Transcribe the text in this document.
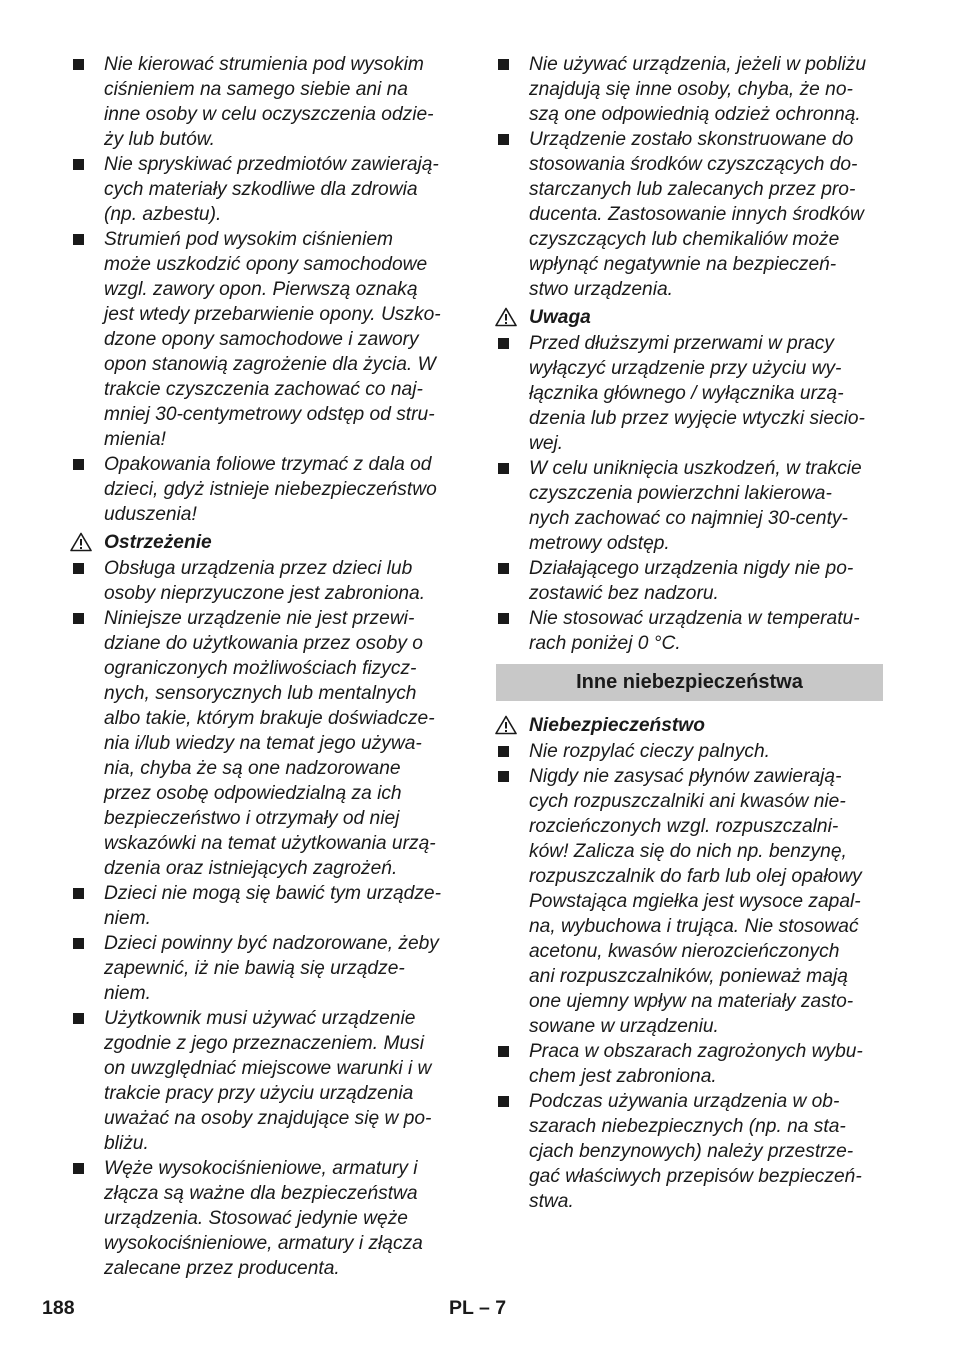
Nie kierować strumienia pod wysokim
ciśnieniem na samego siebie ani na
inne osoby w celu oczyszczenia odzie-
ży lub butów.
Nie spryskiwać przedmiotów zawierają-
cych materiały szkodliwe dla zdrowia
(np. azbestu).
Strumień pod wysokim ciśnieniem
może uszkodzić opony samochodowe
wzgl. zawory opon. Pierwszą oznaką
jest wtedy przebarwienie opony. Uszko-
dzone opony samochodowe i zawory
opon stanowią zagrożenie dla życia. W
trakcie czyszczenia zachować co naj-
mniej 30-centymetrowy odstęp od stru-
mienia!
Opakowania foliowe trzymać z dala od
dzieci, gdyż istnieje niebezpieczeństwo
uduszenia!
Ostrzeżenie
Obsługa urządzenia przez dzieci lub
osoby nieprzyuczone jest zabroniona.
Niniejsze urządzenie nie jest przewi-
dziane do użytkowania przez osoby o
ograniczonych możliwościach fizycz-
nych, sensorycznych lub mentalnych
albo takie, którym brakuje doświadcze-
nia i/lub wiedzy na temat jego używa-
nia, chyba że są one nadzorowane
przez osobę odpowiedzialną za ich
bezpieczeństwo i otrzymały od niej
wskazówki na temat użytkowania urzą-
dzenia oraz istniejących zagrożeń.
Dzieci nie mogą się bawić tym urządze-
niem.
Dzieci powinny być nadzorowane, żeby
zapewnić, iż nie bawią się urządze-
niem.
Użytkownik musi używać urządzenie
zgodnie z jego przeznaczeniem. Musi
on uwzględniać miejscowe warunki i w
trakcie pracy przy użyciu urządzenia
uważać na osoby znajdujące się w po-
bliżu.
Węże wysokociśnieniowe, armatury i
złącza są ważne dla bezpieczeństwa
urządzenia. Stosować jedynie węże
wysokociśnieniowe, armatury i złącza
zalecane przez producenta.
Nie używać urządzenia, jeżeli w pobliżu
znajdują się inne osoby, chyba, że no-
szą one odpowiednią odzież ochronną.
Urządzenie zostało skonstruowane do
stosowania środków czyszczących do-
starczanych lub zalecanych przez pro-
ducenta. Zastosowanie innych środków
czyszczących lub chemikaliów może
wpłynąć negatywnie na bezpieczeń-
stwo urządzenia.
Uwaga
Przed dłuższymi przerwami w pracy
wyłączyć urządzenie przy użyciu wy-
łącznika głównego / wyłącznika urzą-
dzenia lub przez wyjęcie wtyczki siecio-
wej.
W celu uniknięcia uszkodzeń, w trakcie
czyszczenia powierzchni lakierowa-
nych zachować co najmniej 30-centy-
metrowy odstęp.
Działającego urządzenia nigdy nie po-
zostawić bez nadzoru.
Nie stosować urządzenia w temperatu-
rach poniżej 0 °C.
Inne niebezpieczeństwa
Niebezpieczeństwo
Nie rozpylać cieczy palnych.
Nigdy nie zasysać płynów zawierają-
cych rozpuszczalniki ani kwasów nie-
rozcieńczonych wzgl. rozpuszczalni-
ków! Zalicza się do nich np. benzynę,
rozpuszczalnik do farb lub olej opałowy
Powstająca mgiełka jest wysoce zapal-
na, wybuchowa i trująca. Nie stosować
acetonu, kwasów nierozcieńczonych
ani rozpuszczalników, ponieważ mają
one ujemny wpływ na materiały zasto-
sowane w urządzeniu.
Praca w obszarach zagrożonych wybu-
chem jest zabroniona.
Podczas używania urządzenia w ob-
szarach niebezpiecznych (np. na sta-
cjach benzynowych) należy przestrze-
gać właściwych przepisów bezpieczeń-
stwa.
188	PL – 7
